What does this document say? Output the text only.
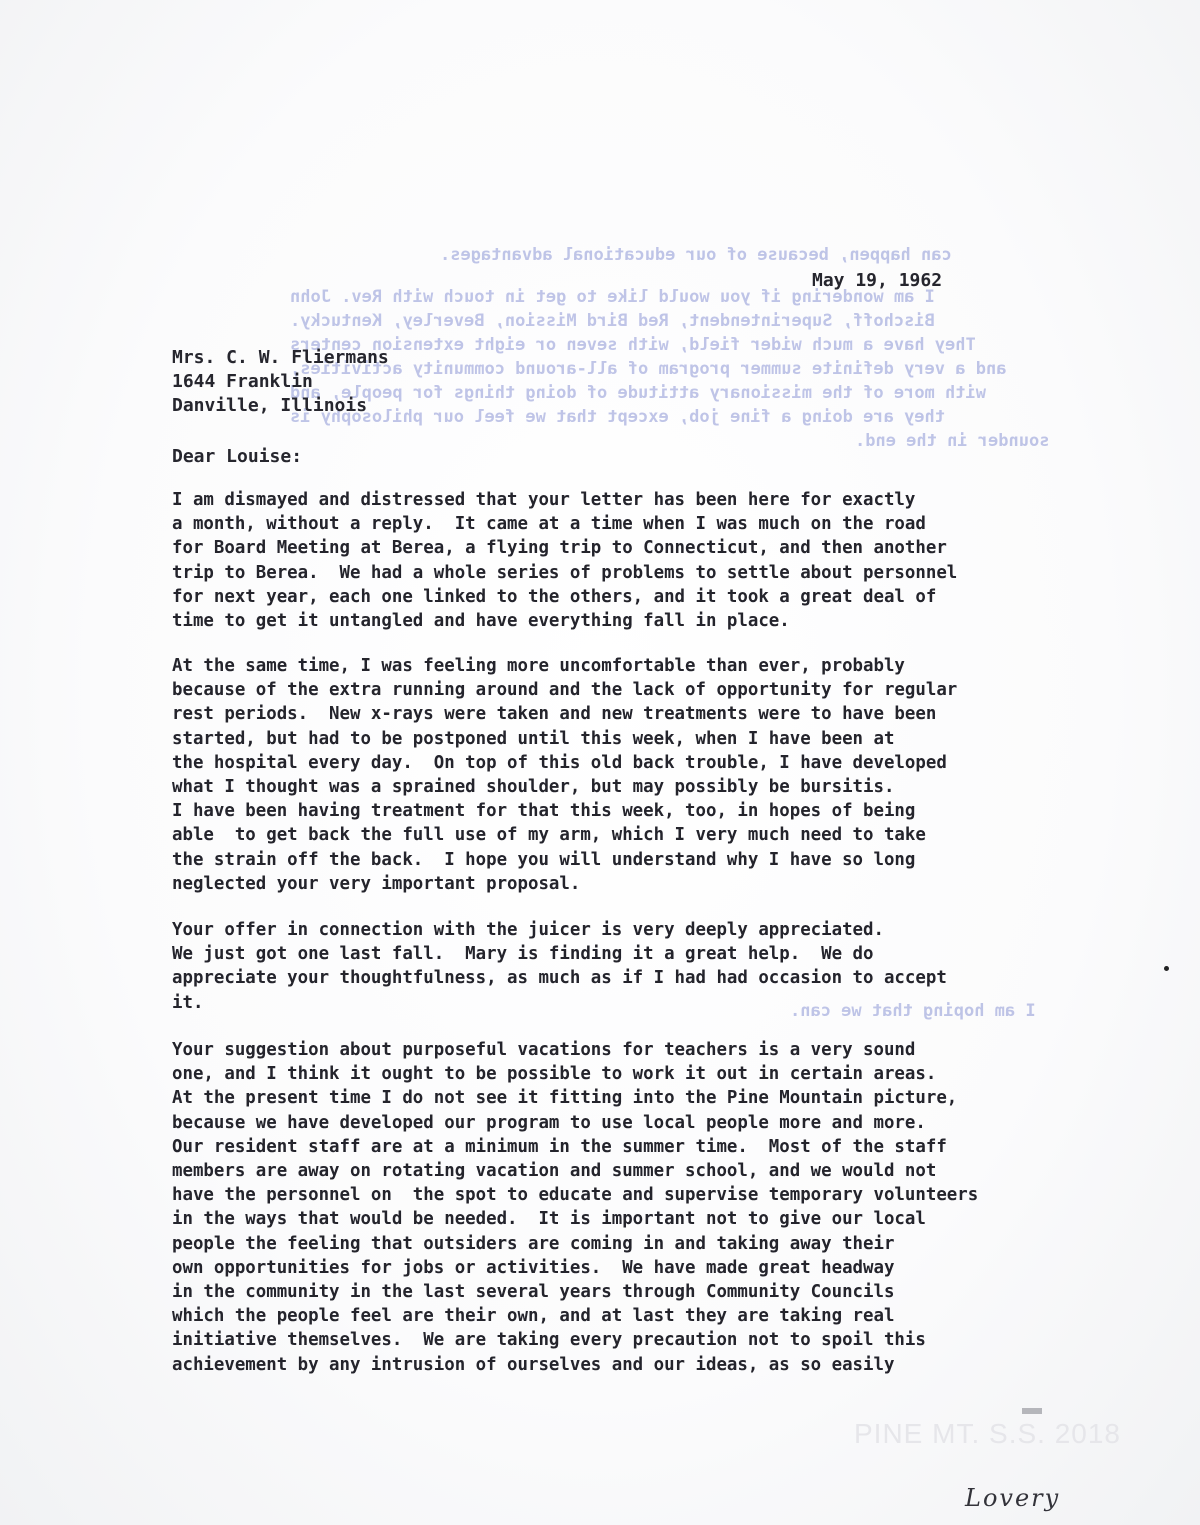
can happen, because of our educational advantages.
I am wondering if you would like to get in touch with Rev. John
Bischoff, Superintendent, Red Bird Mission, Beverley, Kentucky.
They have a much wider field, with seven or eight extension centers
and a very definite summer program of all-around community activities,
with more of the missionary attitude of doing things for people, and
they are doing a fine job, except that we feel our philosophy is
sounder in the end.
I am hoping that we can.
May 19, 1962
Mrs. C. W. Fliermans
1644 Franklin
Danville, Illinois
Dear Louise:
I am dismayed and distressed that your letter has been here for exactly
a month, without a reply.  It came at a time when I was much on the road
for Board Meeting at Berea, a flying trip to Connecticut, and then another
trip to Berea.  We had a whole series of problems to settle about personnel
for next year, each one linked to the others, and it took a great deal of
time to get it untangled and have everything fall in place.
At the same time, I was feeling more uncomfortable than ever, probably
because of the extra running around and the lack of opportunity for regular
rest periods.  New x-rays were taken and new treatments were to have been
started, but had to be postponed until this week, when I have been at
the hospital every day.  On top of this old back trouble, I have developed
what I thought was a sprained shoulder, but may possibly be bursitis.
I have been having treatment for that this week, too, in hopes of being
able  to get back the full use of my arm, which I very much need to take
the strain off the back.  I hope you will understand why I have so long
neglected your very important proposal.
Your offer in connection with the juicer is very deeply appreciated.
We just got one last fall.  Mary is finding it a great help.  We do
appreciate your thoughtfulness, as much as if I had had occasion to accept
it.
Your suggestion about purposeful vacations for teachers is a very sound
one, and I think it ought to be possible to work it out in certain areas.
At the present time I do not see it fitting into the Pine Mountain picture,
because we have developed our program to use local people more and more.
Our resident staff are at a minimum in the summer time.  Most of the staff
members are away on rotating vacation and summer school, and we would not
have the personnel on  the spot to educate and supervise temporary volunteers
in the ways that would be needed.  It is important not to give our local
people the feeling that outsiders are coming in and taking away their
own opportunities for jobs or activities.  We have made great headway
in the community in the last several years through Community Councils
which the people feel are their own, and at last they are taking real
initiative themselves.  We are taking every precaution not to spoil this
achievement by any intrusion of ourselves and our ideas, as so easily
PINE MT. S.S. 2018
Lovery
